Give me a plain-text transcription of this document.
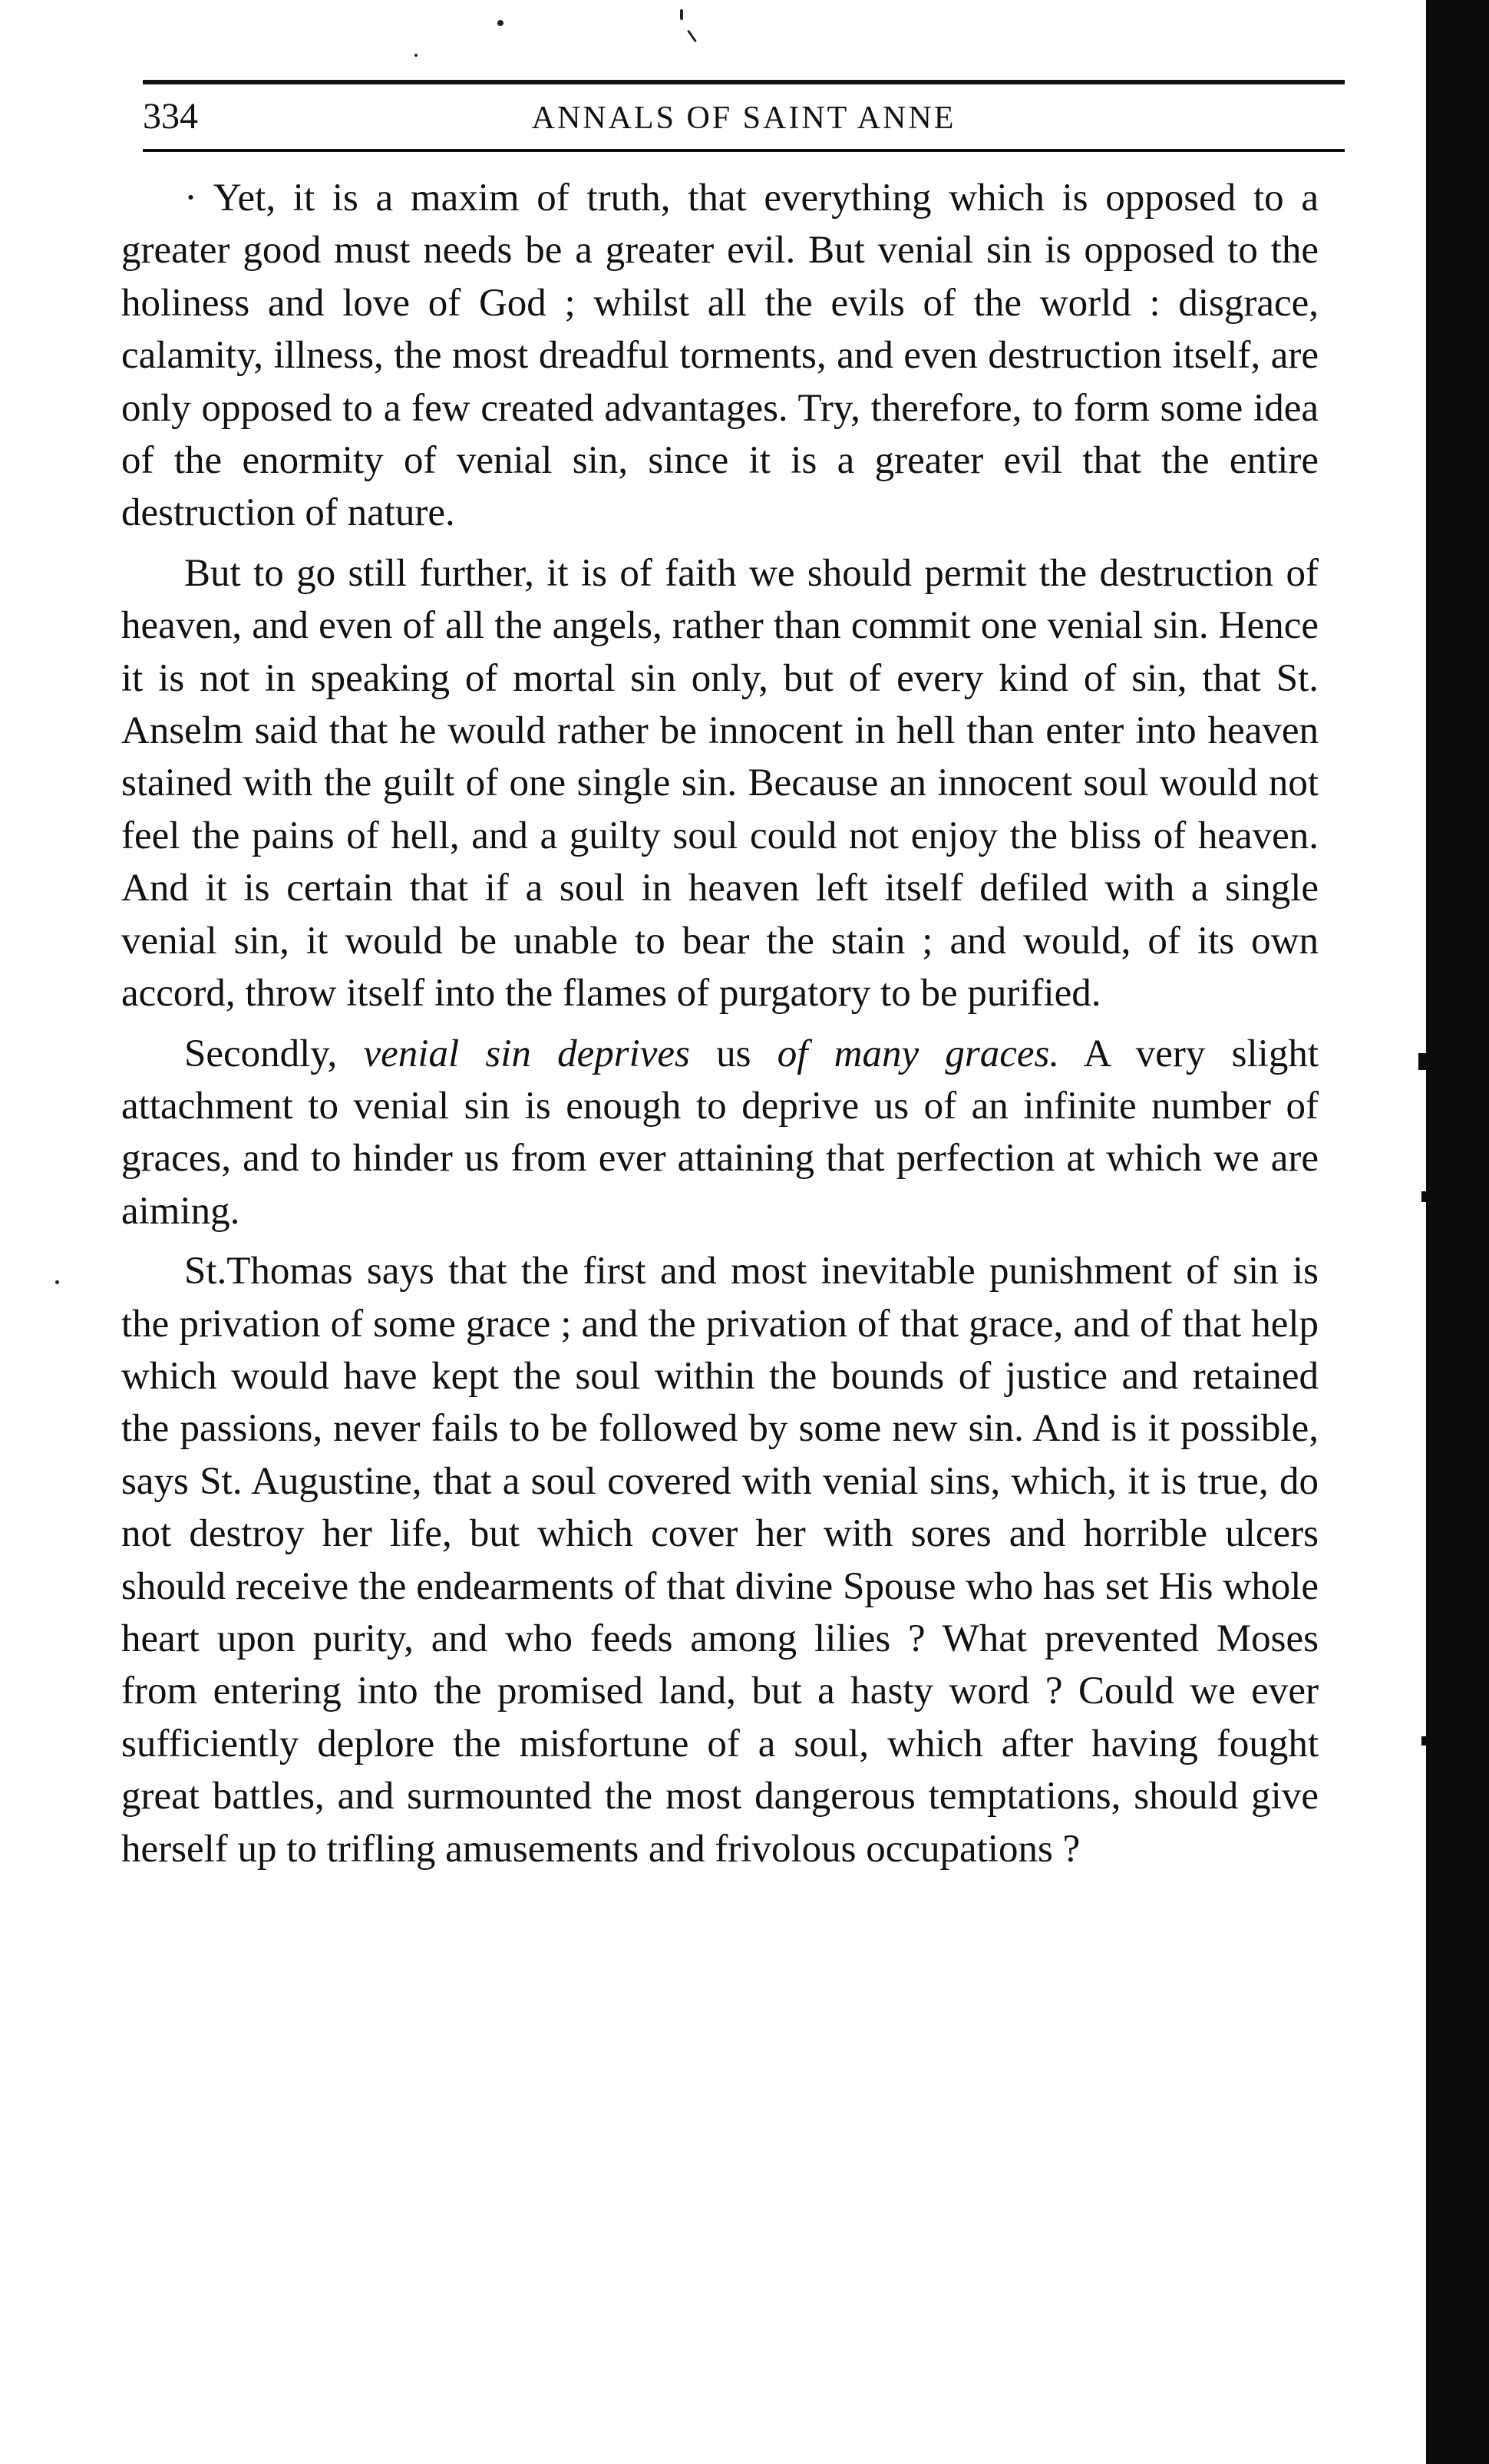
334	ANNALS OF SAINT ANNE

· Yet, it is a maxim of truth, that everything which is opposed to a greater good must needs be a greater evil. But venial sin is opposed to the holiness and love of God ; whilst all the evils of the world : disgrace, calamity, illness, the most dreadful torments, and even destruction itself, are only opposed to a few created advantages. Try, therefore, to form some idea of the enormity of venial sin, since it is a greater evil that the entire destruction of nature.

But to go still further, it is of faith we should permit the destruction of heaven, and even of all the angels, rather than commit one venial sin. Hence it is not in speaking of mortal sin only, but of every kind of sin, that St. Anselm said that he would rather be innocent in hell than enter into heaven stained with the guilt of one single sin. Because an innocent soul would not feel the pains of hell, and a guilty soul could not enjoy the bliss of heaven. And it is certain that if a soul in heaven left itself defiled with a single venial sin, it would be unable to bear the stain ; and would, of its own accord, throw itself into the flames of purgatory to be purified.

Secondly, venial sin deprives us of many graces. A very slight attachment to venial sin is enough to deprive us of an infinite number of graces, and to hinder us from ever attaining that perfection at which we are aiming.

St.Thomas says that the first and most inevitable punishment of sin is the privation of some grace ; and the privation of that grace, and of that help which would have kept the soul within the bounds of justice and retained the passions, never fails to be followed by some new sin. And is it possible, says St. Augustine, that a soul covered with venial sins, which, it is true, do not destroy her life, but which cover her with sores and horrible ulcers should receive the endearments of that divine Spouse who has set His whole heart upon purity, and who feeds among lilies ? What prevented Moses from entering into the promised land, but a hasty word ? Could we ever sufficiently deplore the misfortune of a soul, which after having fought great battles, and surmounted the most dangerous temptations, should give herself up to trifling amusements and frivolous occupations ?
